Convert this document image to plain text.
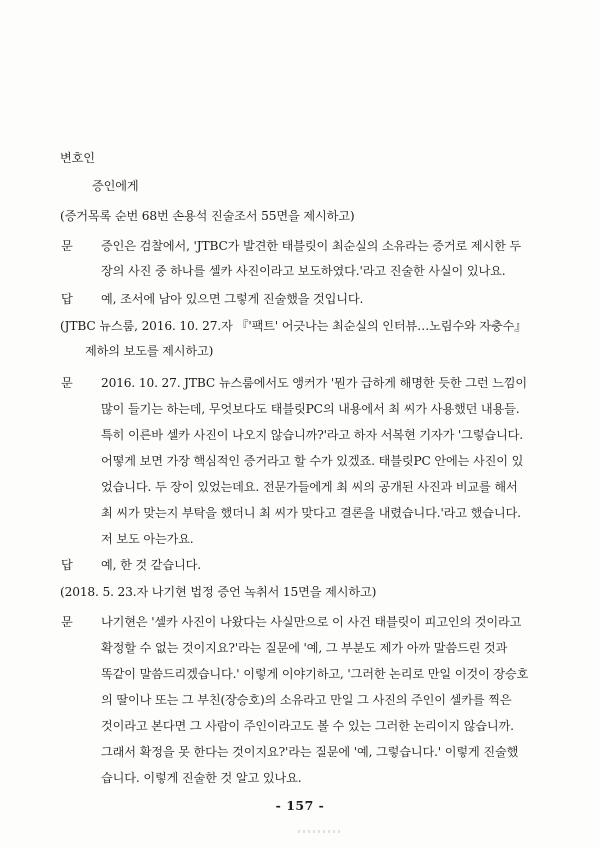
변호인
증인에게
(증거목록 순번 68번 손용석 진술조서 55면을 제시하고)
문 증인은 검찰에서, 'JTBC가 발견한 태블릿이 최순실의 소유라는 증거로 제시한 두
장의 사진 중 하나를 셀카 사진이라고 보도하였다.'라고 진술한 사실이 있나요.
답 예, 조서에 남아 있으면 그렇게 진술했을 것입니다.
(JTBC 뉴스룸, 2016. 10. 27.자 『'팩트' 어긋나는 최순실의 인터뷰…노림수와 자충수』
제하의 보도를 제시하고)
문 2016. 10. 27. JTBC 뉴스룸에서도 앵커가 '뭔가 급하게 해명한 듯한 그런 느낌이
많이 들기는 하는데, 무엇보다도 태블릿PC의 내용에서 최 씨가 사용했던 내용들.
특히 이른바 셀카 사진이 나오지 않습니까?'라고 하자 서복현 기자가 '그렇습니다.
어떻게 보면 가장 핵심적인 증거라고 할 수가 있겠죠. 태블릿PC 안에는 사진이 있
었습니다. 두 장이 있었는데요. 전문가들에게 최 씨의 공개된 사진과 비교를 해서
최 씨가 맞는지 부탁을 했더니 최 씨가 맞다고 결론을 내렸습니다.'라고 했습니다.
저 보도 아는가요.
답 예, 한 것 같습니다.
(2018. 5. 23.자 나기현 법정 증언 녹취서 15면을 제시하고)
문 나기현은 '셀카 사진이 나왔다는 사실만으로 이 사건 태블릿이 피고인의 것이라고
확정할 수 없는 것이지요?'라는 질문에 '예, 그 부분도 제가 아까 말씀드린 것과
똑같이 말씀드리겠습니다.' 이렇게 이야기하고, '그러한 논리로 만일 이것이 장승호
의 딸이나 또는 그 부친(장승호)의 소유라고 만일 그 사진의 주인이 셀카를 찍은
것이라고 본다면 그 사람이 주인이라고도 볼 수 있는 그러한 논리이지 않습니까.
그래서 확정을 못 한다는 것이지요?'라는 질문에 '예, 그렇습니다.' 이렇게 진술했
습니다. 이렇게 진술한 것 알고 있나요.
- 157 -
